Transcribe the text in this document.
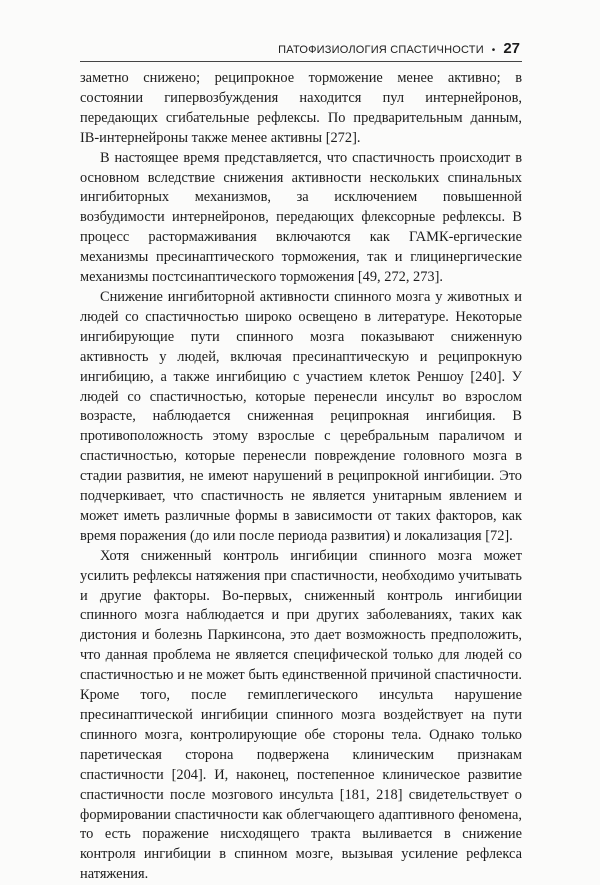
ПАТОФИЗИОЛОГИЯ СПАСТИЧНОСТИ • 27

заметно снижено; реципрокное торможение менее активно; в состоянии гипервозбуждения находится пул интернейронов, передающих сгибательные рефлексы. По предварительным данным, IB-интернейроны также менее активны [272].

В настоящее время представляется, что спастичность происходит в основном вследствие снижения активности нескольких спинальных ингибиторных механизмов, за исключением повышенной возбудимости интернейронов, передающих флексорные рефлексы. В процесс растормаживания включаются как ГАМК-ергические механизмы пресинаптического торможения, так и глицинергические механизмы постсинаптического торможения [49, 272, 273].

Снижение ингибиторной активности спинного мозга у животных и людей со спастичностью широко освещено в литературе. Некоторые ингибирующие пути спинного мозга показывают сниженную активность у людей, включая пресинаптическую и реципрокную ингибицию, а также ингибицию с участием клеток Реншоу [240]. У людей со спастичностью, которые перенесли инсульт во взрослом возрасте, наблюдается сниженная реципрокная ингибиция. В противоположность этому взрослые с церебральным параличом и спастичностью, которые перенесли повреждение головного мозга в стадии развития, не имеют нарушений в реципрокной ингибиции. Это подчеркивает, что спастичность не является унитарным явлением и может иметь различные формы в зависимости от таких факторов, как время поражения (до или после периода развития) и локализация [72].

Хотя сниженный контроль ингибиции спинного мозга может усилить рефлексы натяжения при спастичности, необходимо учитывать и другие факторы. Во-первых, сниженный контроль ингибиции спинного мозга наблюдается и при других заболеваниях, таких как дистония и болезнь Паркинсона, это дает возможность предположить, что данная проблема не является специфической только для людей со спастичностью и не может быть единственной причиной спастичности. Кроме того, после гемиплегического инсульта нарушение пресинаптической ингибиции спинного мозга воздействует на пути спинного мозга, контролирующие обе стороны тела. Однако только паретическая сторона подвержена клиническим признакам спастичности [204]. И, наконец, постепенное клиническое развитие спастичности после мозгового инсульта [181, 218] свидетельствует о формировании спастичности как облегчающего адаптивного феномена, то есть поражение нисходящего тракта выливается в снижение контроля ингибиции в спинном мозге, вызывая усиление рефлекса натяжения.
